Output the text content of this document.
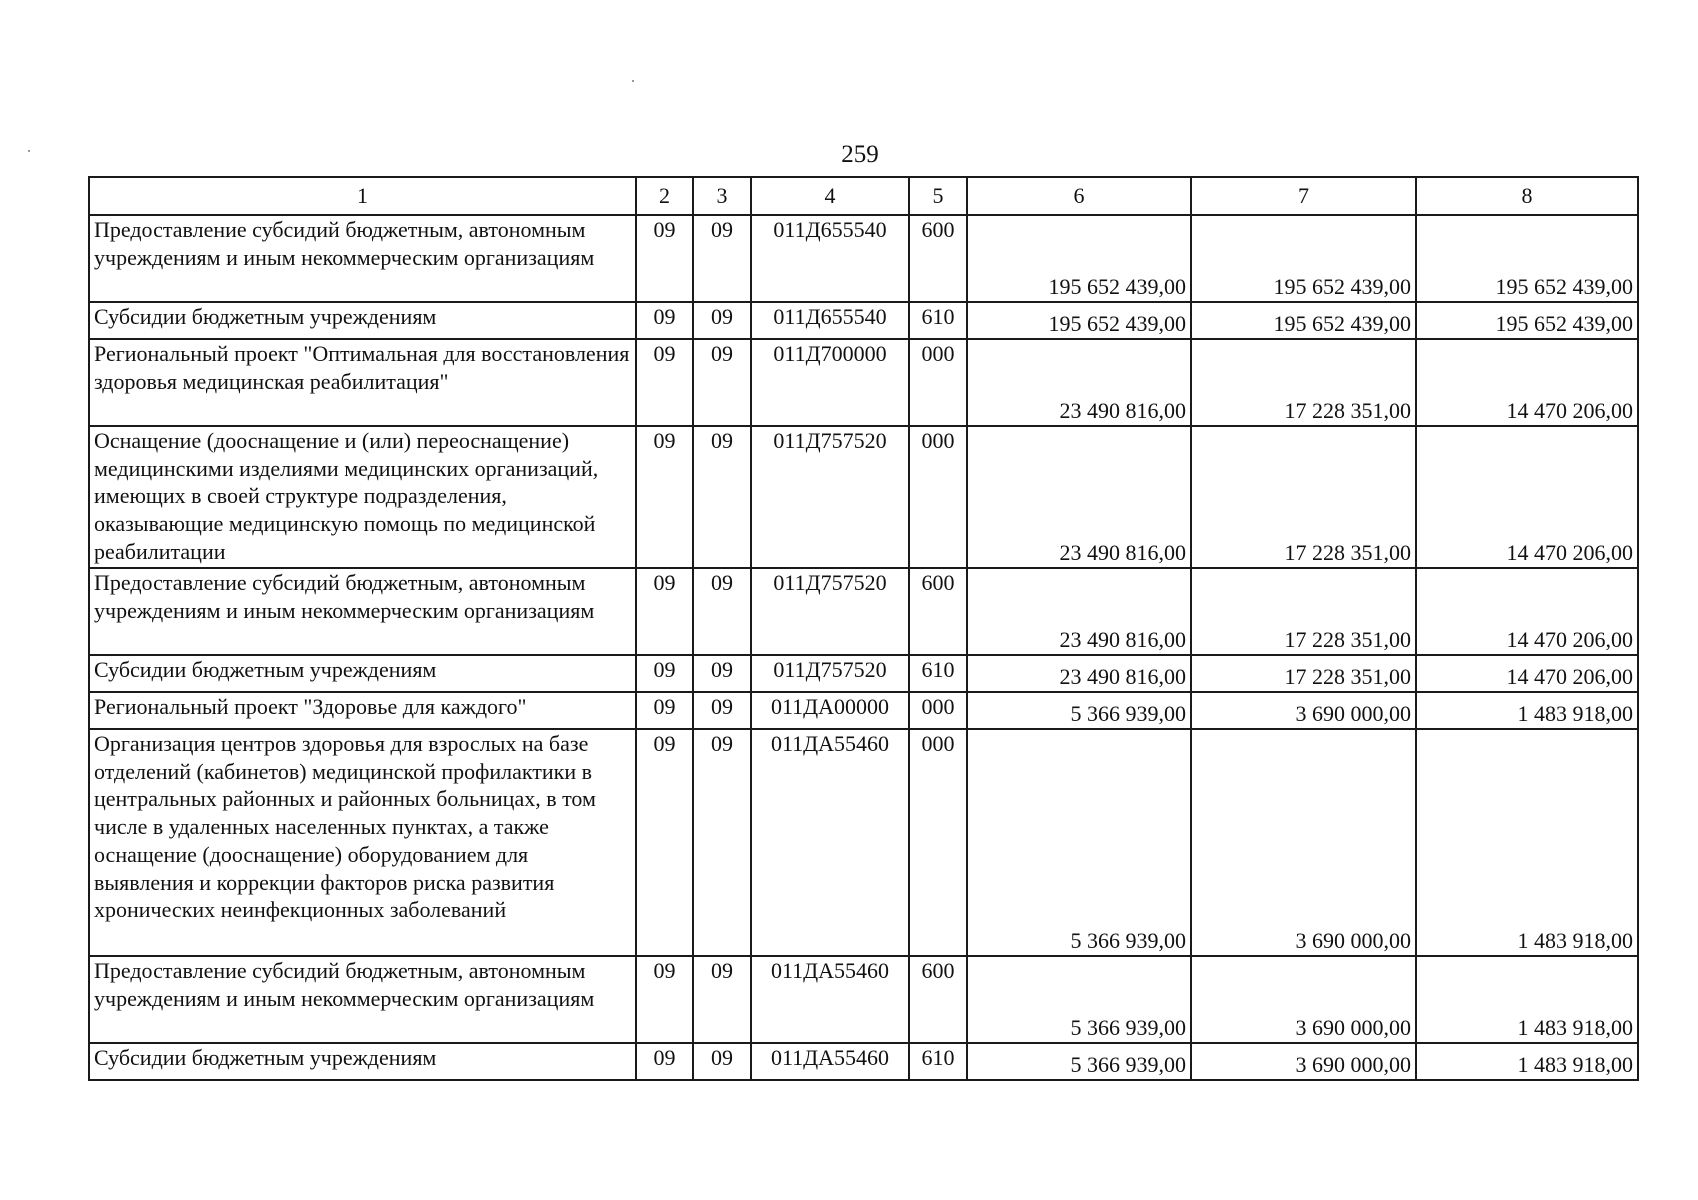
259
1	2	3	4	5	6	7	8
Предоставление субсидий бюджетным, автономным учреждениям и иным некоммерческим организациям	09	09	011Д655540	600	195 652 439,00	195 652 439,00	195 652 439,00
Субсидии бюджетным учреждениям	09	09	011Д655540	610	195 652 439,00	195 652 439,00	195 652 439,00
Региональный проект "Оптимальная для восстановления здоровья медицинская реабилитация"	09	09	011Д700000	000	23 490 816,00	17 228 351,00	14 470 206,00
Оснащение (дооснащение и (или) переоснащение) медицинскими изделиями медицинских организаций, имеющих в своей структуре подразделения, оказывающие медицинскую помощь по медицинской реабилитации	09	09	011Д757520	000	23 490 816,00	17 228 351,00	14 470 206,00
Предоставление субсидий бюджетным, автономным учреждениям и иным некоммерческим организациям	09	09	011Д757520	600	23 490 816,00	17 228 351,00	14 470 206,00
Субсидии бюджетным учреждениям	09	09	011Д757520	610	23 490 816,00	17 228 351,00	14 470 206,00
Региональный проект "Здоровье для каждого"	09	09	011ДА00000	000	5 366 939,00	3 690 000,00	1 483 918,00
Организация центров здоровья для взрослых на базе отделений (кабинетов) медицинской профилактики в центральных районных и районных больницах, в том числе в удаленных населенных пунктах, а также оснащение (дооснащение) оборудованием для выявления и коррекции факторов риска развития хронических неинфекционных заболеваний	09	09	011ДА55460	000	5 366 939,00	3 690 000,00	1 483 918,00
Предоставление субсидий бюджетным, автономным учреждениям и иным некоммерческим организациям	09	09	011ДА55460	600	5 366 939,00	3 690 000,00	1 483 918,00
Субсидии бюджетным учреждениям	09	09	011ДА55460	610	5 366 939,00	3 690 000,00	1 483 918,00
